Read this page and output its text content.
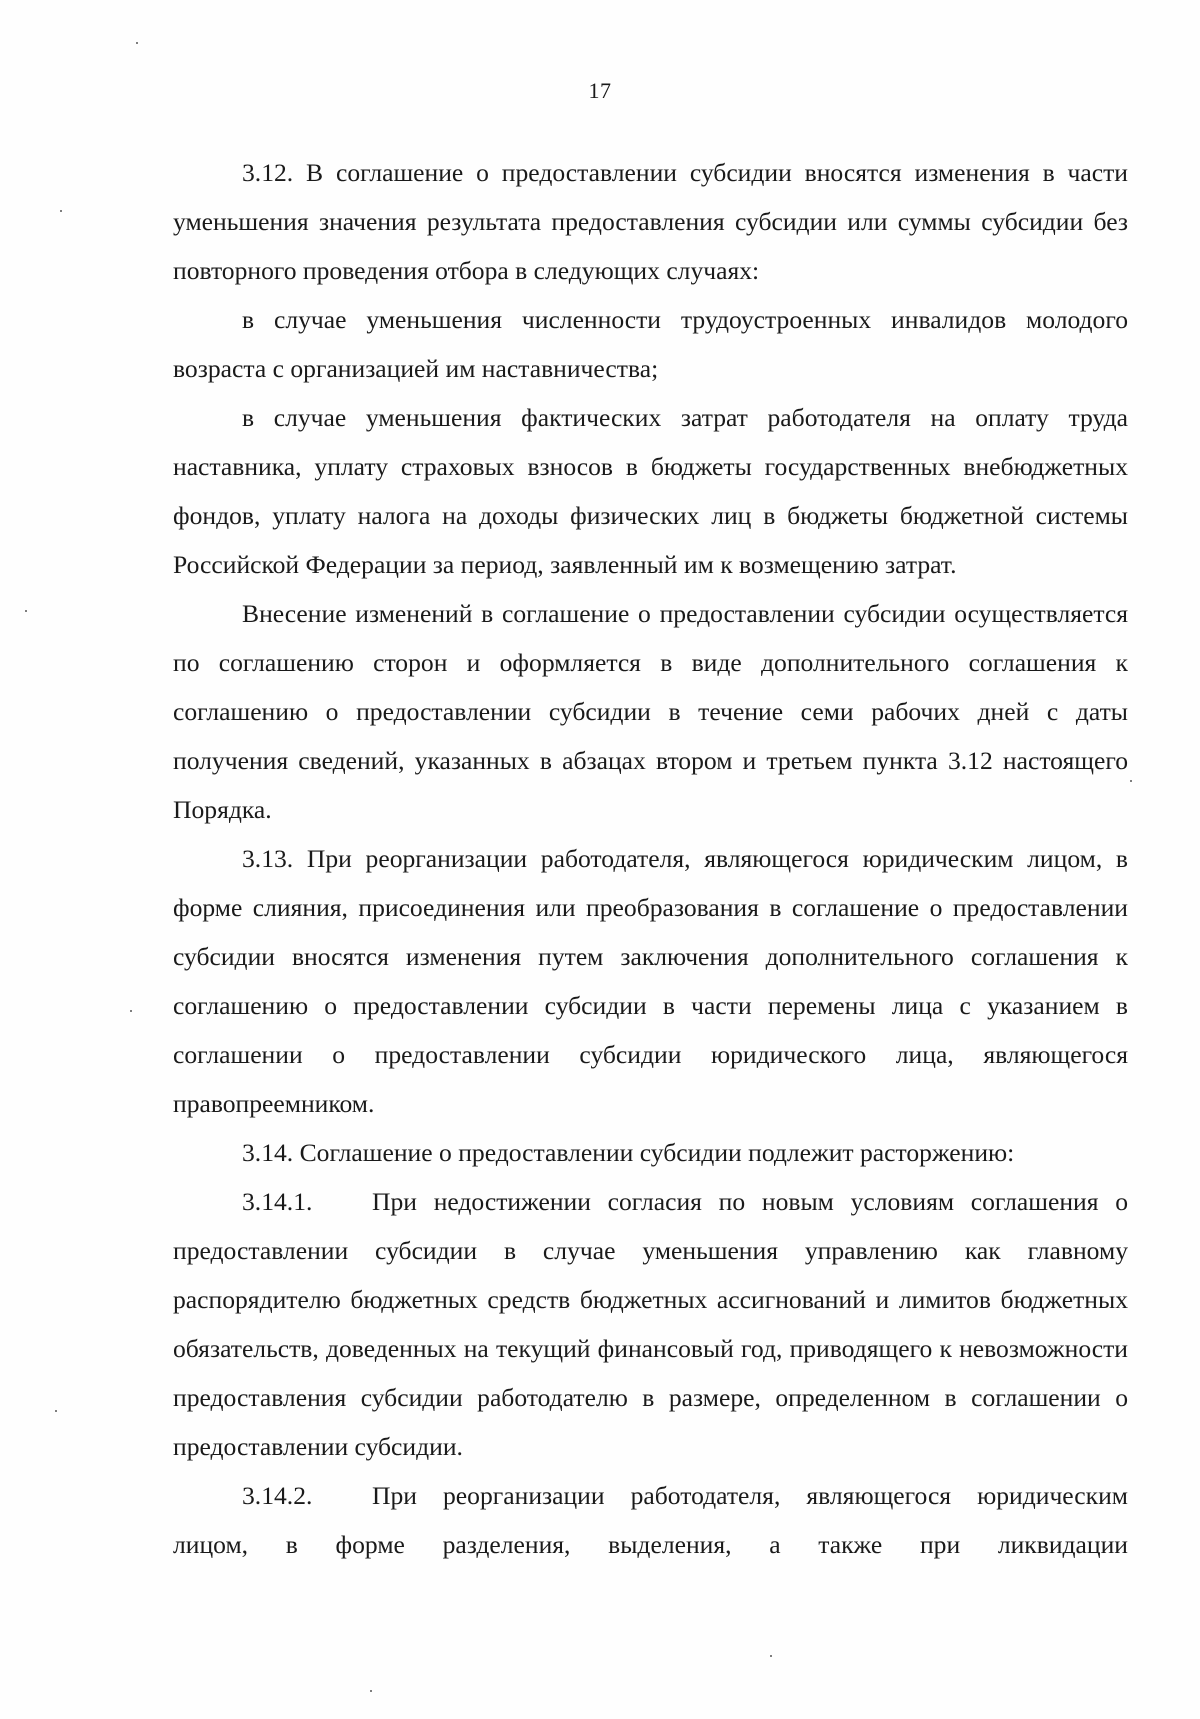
17

3.12. В соглашение о предоставлении субсидии вносятся изменения в части уменьшения значения результата предоставления субсидии или суммы субсидии без повторного проведения отбора в следующих случаях:

в случае уменьшения численности трудоустроенных инвалидов молодого возраста с организацией им наставничества;

в случае уменьшения фактических затрат работодателя на оплату труда наставника, уплату страховых взносов в бюджеты государственных внебюджетных фондов, уплату налога на доходы физических лиц в бюджеты бюджетной системы Российской Федерации за период, заявленный им к возмещению затрат.

Внесение изменений в соглашение о предоставлении субсидии осуществляется по соглашению сторон и оформляется в виде дополнительного соглашения к соглашению о предоставлении субсидии в течение семи рабочих дней с даты получения сведений, указанных в абзацах втором и третьем пункта 3.12 настоящего Порядка.

3.13. При реорганизации работодателя, являющегося юридическим лицом, в форме слияния, присоединения или преобразования в соглашение о предоставлении субсидии вносятся изменения путем заключения дополнительного соглашения к соглашению о предоставлении субсидии в части перемены лица с указанием в соглашении о предоставлении субсидии юридического лица, являющегося правопреемником.

3.14. Соглашение о предоставлении субсидии подлежит расторжению:

3.14.1. При недостижении согласия по новым условиям соглашения о предоставлении субсидии в случае уменьшения управлению как главному распорядителю бюджетных средств бюджетных ассигнований и лимитов бюджетных обязательств, доведенных на текущий финансовый год, приводящего к невозможности предоставления субсидии работодателю в размере, определенном в соглашении о предоставлении субсидии.

3.14.2. При реорганизации работодателя, являющегося юридическим лицом, в форме разделения, выделения, а также при ликвидации
